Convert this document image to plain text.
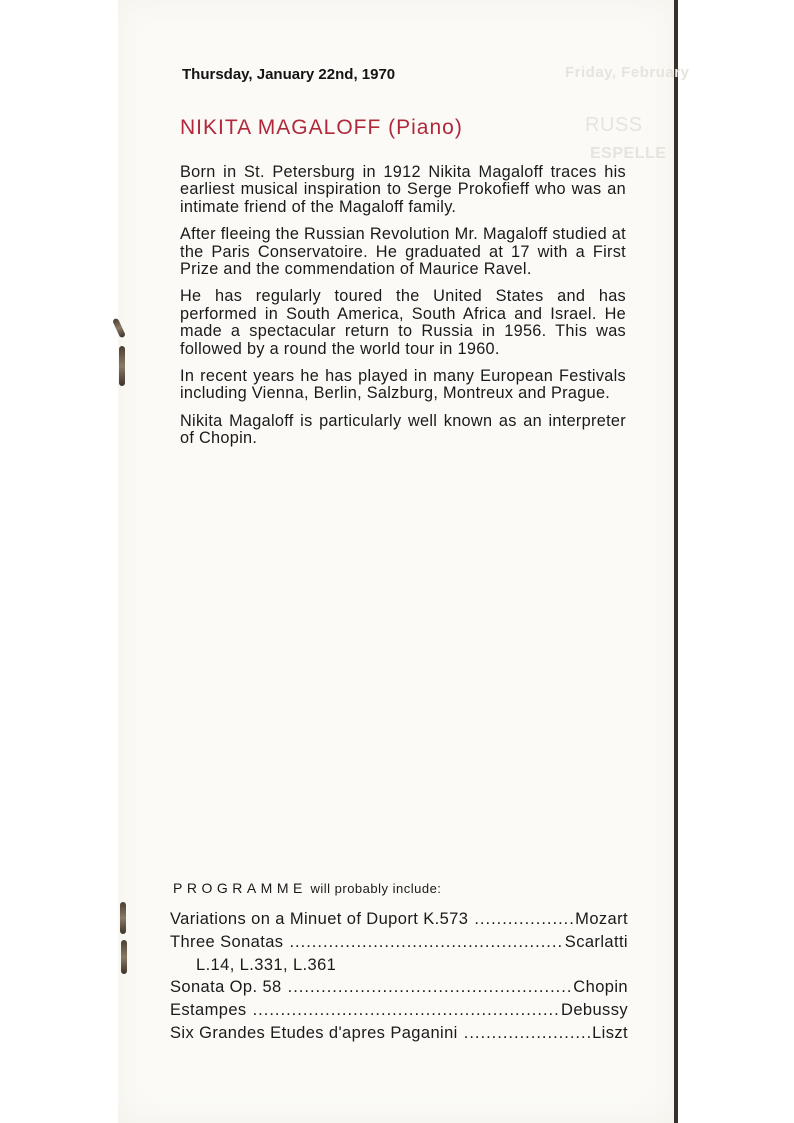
Friday, February
RUSS
ESPELLE
Thursday, January 22nd, 1970
NIKITA MAGALOFF (Piano)

Born in St. Petersburg in 1912 Nikita Magaloff traces his earliest musical inspiration to Serge Prokofieff who was an intimate friend of the Magaloff family.

After fleeing the Russian Revolution Mr. Magaloff studied at the Paris Conservatoire. He graduated at 17 with a First Prize and the commendation of Maurice Ravel.

He has regularly toured the United States and has performed in South America, South Africa and Israel. He made a spectacular return to Russia in 1956. This was followed by a round the world tour in 1960.

In recent years he has played in many European Festivals including Vienna, Berlin, Salzburg, Montreux and Prague.

Nikita Magaloff is particularly well known as an interpreter of Chopin.

PROGRAMME will probably include:
Variations on a Minuet of Duport K.573 .....	Mozart
Three Sonatas .....	Scarlatti
L.14, L.331, L.361
Sonata Op. 58 .....	Chopin
Estampes .....	Debussy
Six Grandes Etudes d'apres Paganini .....	Liszt
